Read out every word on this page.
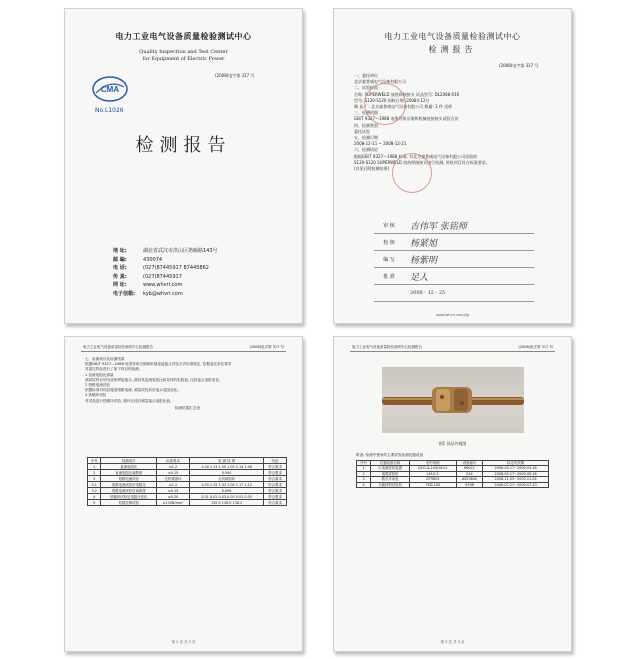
电力工业电气设备质量检验测试中心
Quality Inspection and Test Center
for Equipment of Electric Power
CMA
No.L1026
(2008)电字第 317 号
检测报告
地 址:	湖北省武汉市洪山区珞喻路143号
邮 编:	430074
电 话:	(027)87445917 87445862
传 真:	(027)87445917
网 址:	www.whvri.com
电子信箱:	kyb@whvri.com
电力工业电气设备质量检验测试中心
检测报告
(2008)电字第 317 号
一、委托单位
北京索普威电气设备有限公司
二、试验样品
名称: SUPERWELD 放热焊接接头 试品型号: DL2008-016
型号: S120-S120 到样日期: 2008年12月
制 造 厂: 北京索普威电气设备有限公司 数量: 1 件 送样
三、检测依据
GB/T 9327—1988 电缆导体压缩和机械连接接头试验方法
四、检测类别
委托试验
五、检测日期
2008-12-11 ~ 2008-12-21
六、检测结论
根据GB/T 9327—1988 标准, 对北京索普威电气设备有限公司送检的
S120-S120 SUPERWELD 放热焊接接头进行检测, 所检项目符合标准要求。
(详见后附检测结果)
审 核	吉伟军 张铭师
校 核	杨紧旭
编 写	杨紫明
批 准	足人
2008 - 12 - 25
www.whvri.com/jlg
电力工业电气设备质量检验测试中心检测报告	(2008)电字第 317 号
七、检测项目及检测结果
根据GB/T 9327—1988 电缆导体压缩和机械连接接头试验方法标准规定, 依据委托单位要求
对委托样品进行了如下项目的检测。
1 直流电阻比测量
测试试样分别为放热焊接接头, 测试其直流电阻比和导体的电阻值, 比较接头电阻变化。
2 短路电流试验
依据标准对试品施加短路电流, 测量试验前后接头电阻变化。
3 热循环试验
对试品进行热循环试验, 循环完成后测量接头电阻比值。
检测结果汇总表
序号	检测项目	标准要求	检 测 结 果	结论
1	直流电阻比	≤1.2	1.04 1.13 1.00 1.02 1.14 1.06	符合要求
2	直流电阻比离散度	≤0.15	0.090	符合要求
3	短路电流试验	无机械损坏	无机械损坏	符合要求
3.1	短路电流试验后电阻比	≤1.2	1.03 1.15 1.03 1.04 1.17 1.12	符合要求
3.2	短路电流试验后离散度	≤0.15	0.099	符合要求
4	热循环试验后电阻比变化	≤0.20	0.01 0.02 0.03 0.03 0.02 0.03	符合要求
5	机械拉伸试验	≥133N/mm²	135.9 136.0 136.2	符合要求
第 2 页 共 3 页
电力工业电气设备质量检验测试中心检测报告	(2008)电字第 317 号
图1 试品外观图
附表: 检测中使用的主要试验检测仪器设备
序号	仪器设备名称	型号规格	设备编号	检定有效期
1	大电流试验装置	DCG-A-100/18×2	66021	2008-03-17~2009-03-16
2	电缆试验机	LM-0.5	S14	2008-05-17~2009-05-16
3	数字多用表	DT9805	A053640	2008-11-05~2009-11-04
4	万能材料试验机	YSD-100	S398	2008-07-21~2009-07-20
第 3 页 共 3 页
